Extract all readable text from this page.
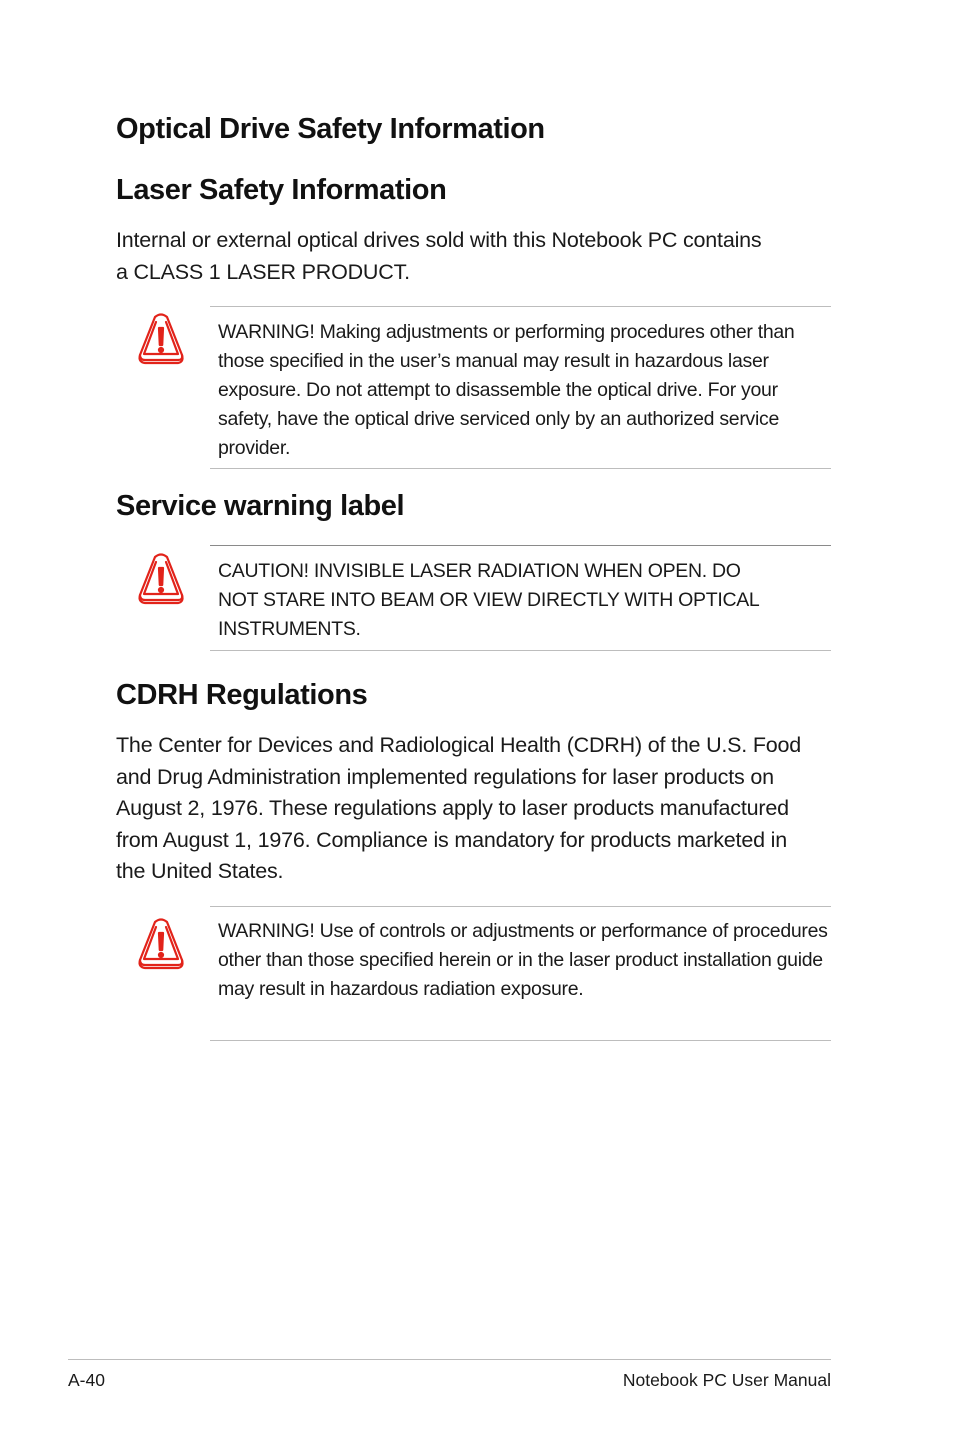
Optical Drive Safety Information
Laser Safety Information

Internal or external optical drives sold with this Notebook PC contains a CLASS 1 LASER PRODUCT.

WARNING! Making adjustments or performing procedures other than those specified in the user’s manual may result in hazardous laser exposure. Do not attempt to disassemble the optical drive. For your safety, have the optical drive serviced only by an authorized service provider.

Service warning label

CAUTION! INVISIBLE LASER RADIATION WHEN OPEN. DO NOT STARE INTO BEAM OR VIEW DIRECTLY WITH OPTICAL INSTRUMENTS.

CDRH Regulations

The Center for Devices and Radiological Health (CDRH) of the U.S. Food and Drug Administration implemented regulations for laser products on August 2, 1976. These regulations apply to laser products manufactured from August 1, 1976. Compliance is mandatory for products marketed in the United States.

WARNING! Use of controls or adjustments or performance of procedures other than those specified herein or in the laser product installation guide may result in hazardous radiation exposure.

A-40	Notebook PC User Manual
